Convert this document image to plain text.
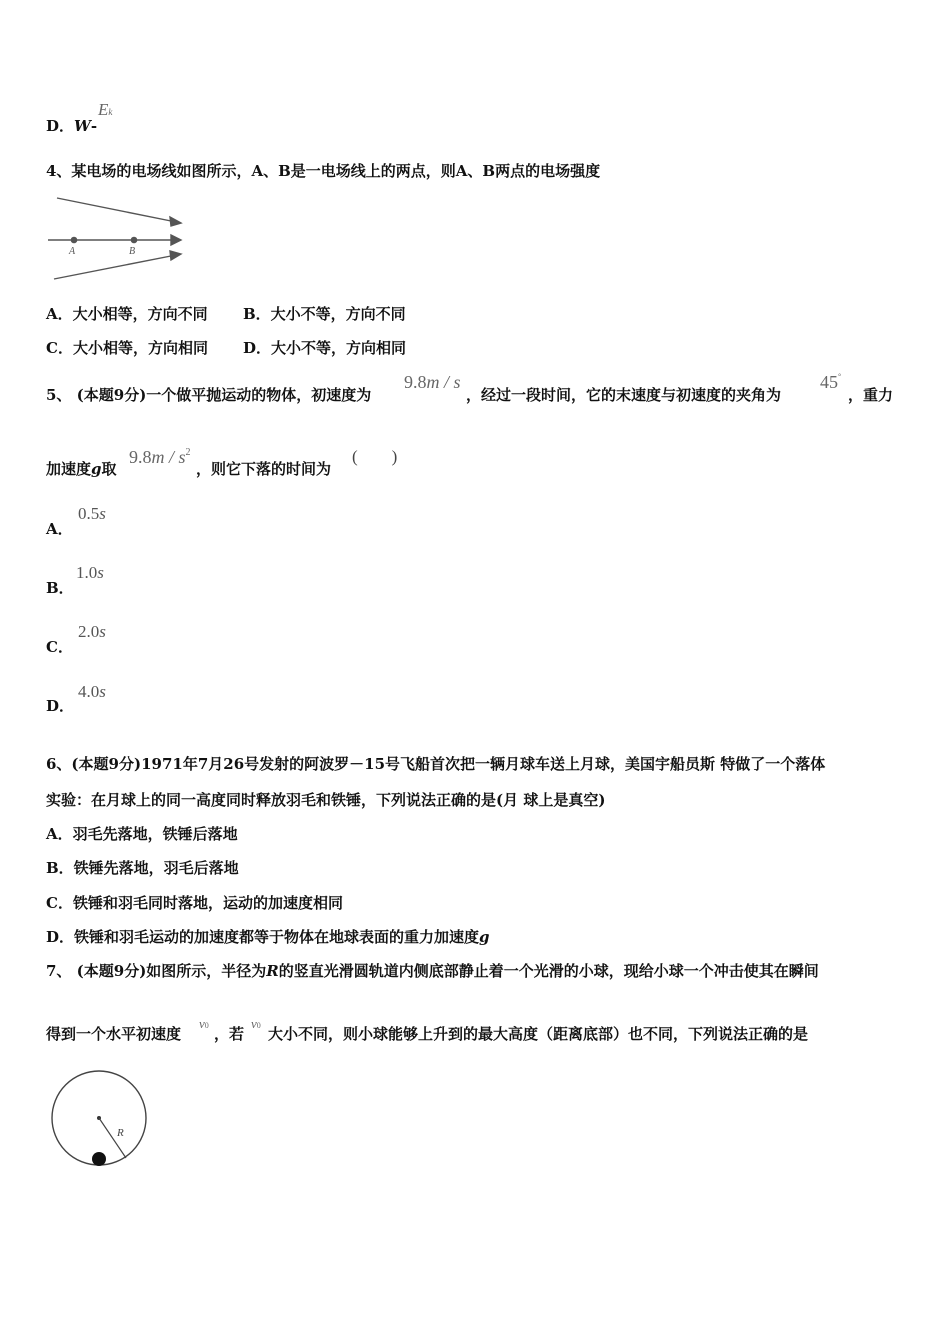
D．W-
Ek
4、某电场的电场线如图所示，A、B是一电场线上的两点，则A、B两点的电场强度
A	B
A．大小相等，方向不同 B．大小不等，方向不同
C．大小相等，方向相同 D．大小不等，方向相同
5、 (本题9分)一个做平抛运动的物体，初速度为
9.8m / s
，经过一段时间，它的末速度与初速度的夹角为
45°
，重力
加速度g取
$9.8m / s^2$
，则它下落的时间为
(        )
A．
0.5s
B．
1.0s
C．
2.0s
D．
4.0s
6、(本题9分)1971年7月26号发射的阿波罗－15号飞船首次把一辆月球车送上月球，美国宇船员斯 特做了一个落体
实验：在月球上的同一高度同时释放羽毛和铁锤，下列说法正确的是(月 球上是真空)
A．羽毛先落地，铁锤后落地
B．铁锤先落地，羽毛后落地
C．铁锤和羽毛同时落地，运动的加速度相同
D．铁锤和羽毛运动的加速度都等于物体在地球表面的重力加速度g
7、 (本题9分)如图所示，半径为R的竖直光滑圆轨道内侧底部静止着一个光滑的小球，现给小球一个冲击使其在瞬间
得到一个水平初速度
v0 ，若
v0 大小不同，则小球能够上升到的最大高度（距离底部）也不同，下列说法正确的是
R
